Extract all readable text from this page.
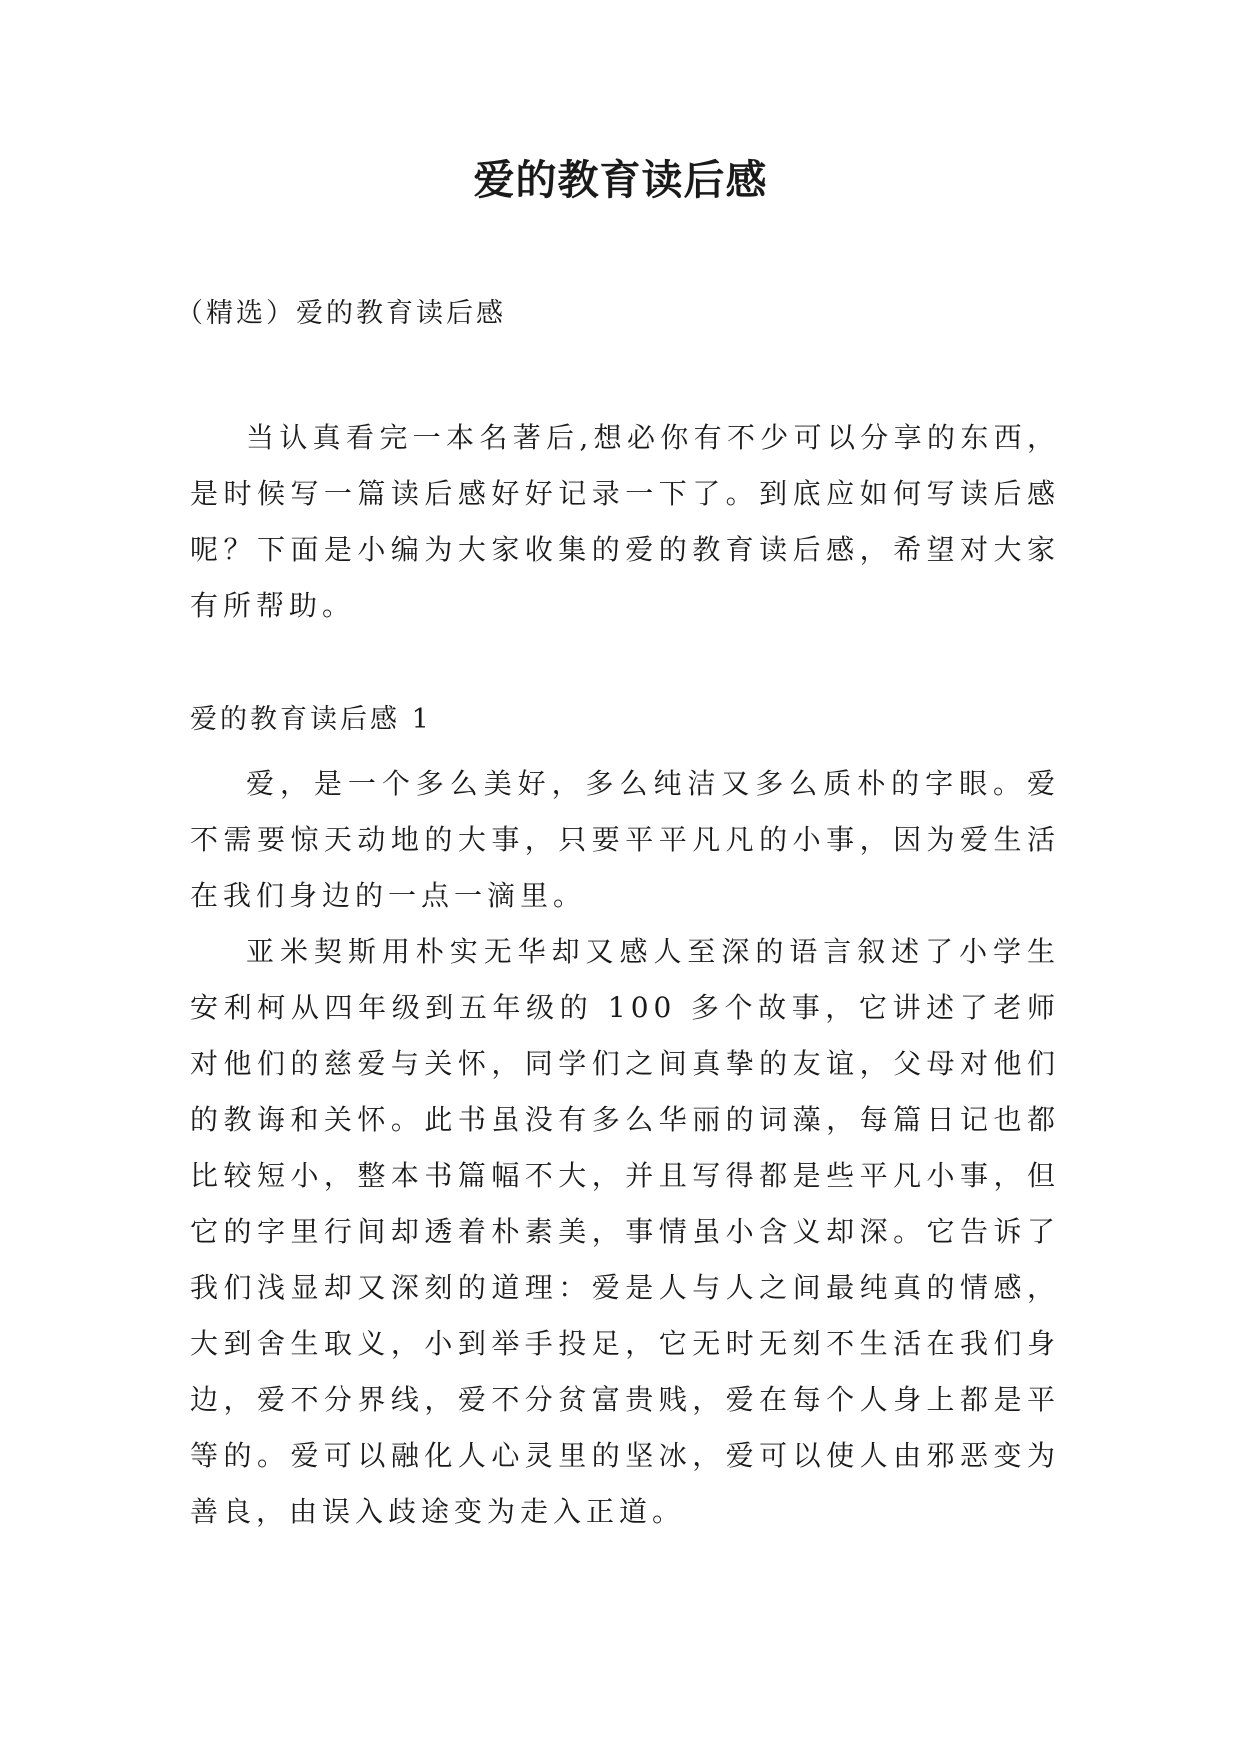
爱的教育读后感
（精选）爱的教育读后感

当认真看完一本名著后,想必你有不少可以分享的东西，是时候写一篇读后感好好记录一下了。到底应如何写读后感呢？下面是小编为大家收集的爱的教育读后感，希望对大家有所帮助。

爱的教育读后感 1

爱，是一个多么美好，多么纯洁又多么质朴的字眼。爱不需要惊天动地的大事，只要平平凡凡的小事，因为爱生活在我们身边的一点一滴里。

亚米契斯用朴实无华却又感人至深的语言叙述了小学生安利柯从四年级到五年级的 100 多个故事，它讲述了老师对他们的慈爱与关怀，同学们之间真挚的友谊，父母对他们的教诲和关怀。此书虽没有多么华丽的词藻，每篇日记也都比较短小，整本书篇幅不大，并且写得都是些平凡小事，但它的字里行间却透着朴素美，事情虽小含义却深。它告诉了我们浅显却又深刻的道理：爱是人与人之间最纯真的情感，大到舍生取义，小到举手投足，它无时无刻不生活在我们身边，爱不分界线，爱不分贫富贵贱，爱在每个人身上都是平等的。爱可以融化人心灵里的坚冰，爱可以使人由邪恶变为善良，由误入歧途变为走入正道。
